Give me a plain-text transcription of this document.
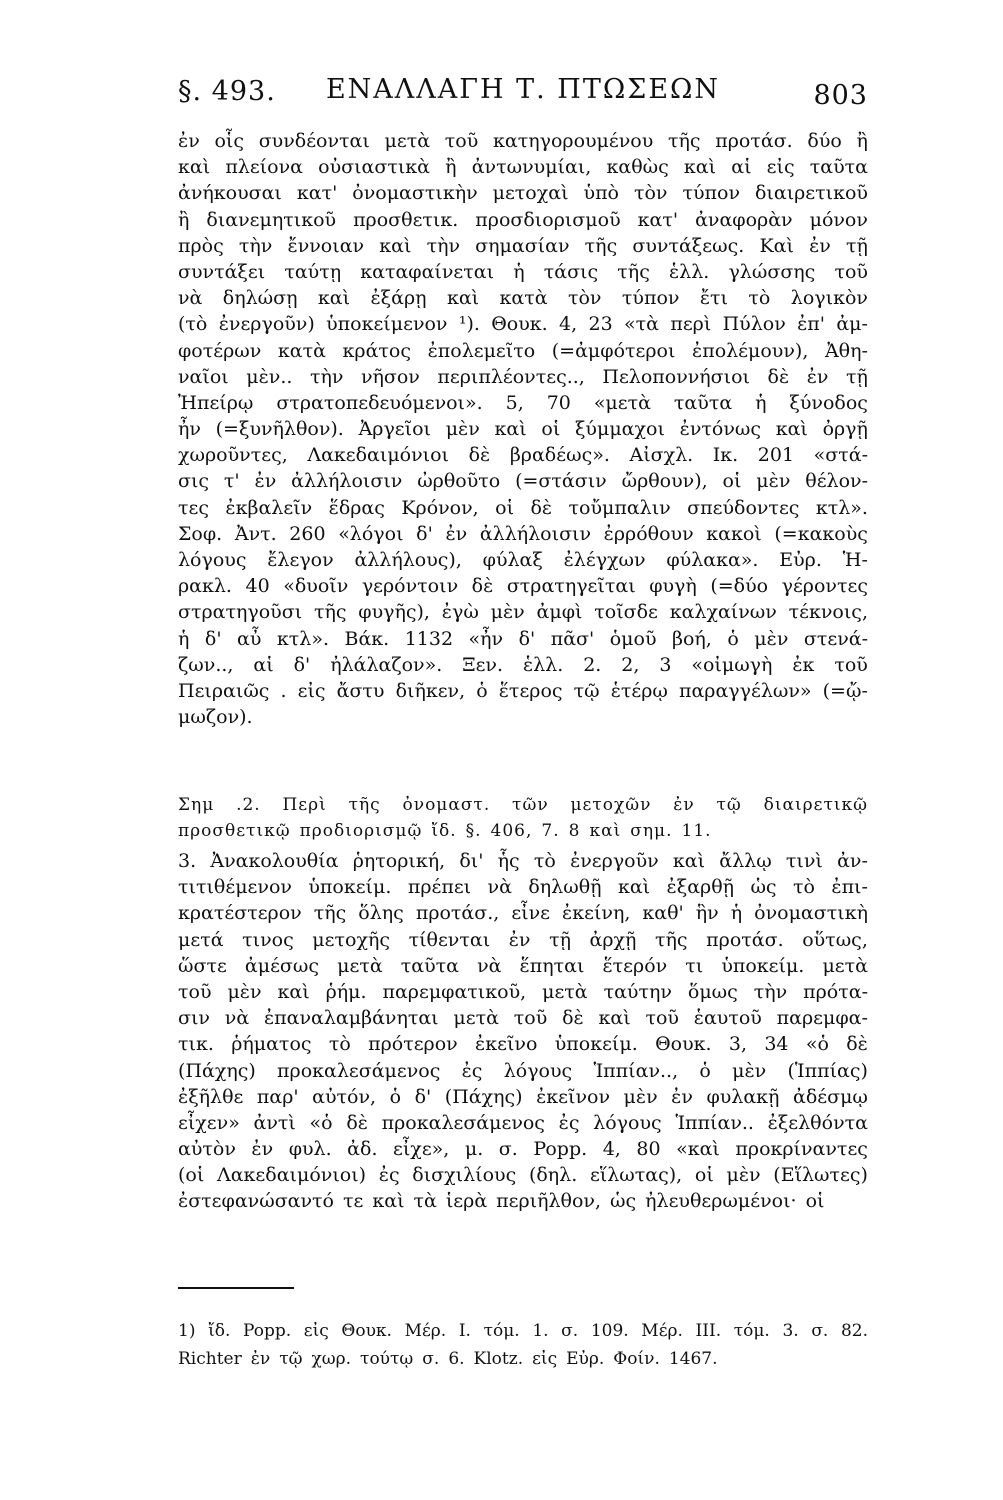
§. 493.	ΕΝΑΛΛΑΓΗ Τ. ΠΤΩΣΕΩΝ	803
ἐν οἷς συνδέονται μετὰ τοῦ κατηγορουμένου τῆς προτάσ. δύο ἢ
καὶ πλείονα οὐσιαστικὰ ἢ ἀντωνυμίαι, καθὼς καὶ αἱ εἰς ταῦτα
ἀνήκουσαι κατ' ὀνομαστικὴν μετοχαὶ ὑπὸ τὸν τύπον διαιρετικοῦ
ἢ διανεμητικοῦ προσθετικ. προσδιορισμοῦ κατ' ἀναφορὰν μόνον
πρὸς τὴν ἔννοιαν καὶ τὴν σημασίαν τῆς συντάξεως. Καὶ ἐν τῇ
συντάξει ταύτῃ καταφαίνεται ἡ τάσις τῆς ἑλλ. γλώσσης τοῦ
νὰ δηλώσῃ καὶ ἐξάρῃ καὶ κατὰ τὸν τύπον ἔτι τὸ λογικὸν
(τὸ ἐνεργοῦν) ὑποκείμενον ¹). Θουκ. 4, 23 «τὰ περὶ Πύλον ἐπ' ἀμ-
φοτέρων κατὰ κράτος ἐπολεμεῖτο (=ἀμφότεροι ἐπολέμουν), Ἀθη-
ναῖοι μὲν.. τὴν νῆσον περιπλέοντες.., Πελοποννήσιοι δὲ ἐν τῇ
Ἠπείρῳ στρατοπεδευόμενοι». 5, 70 «μετὰ ταῦτα ἡ ξύνοδος
ἦν (=ξυνῆλθον). Ἀργεῖοι μὲν καὶ οἱ ξύμμαχοι ἐντόνως καὶ ὀργῇ
χωροῦντες, Λακεδαιμόνιοι δὲ βραδέως». Αἰσχλ. Ικ. 201 «στά-
σις τ' ἐν ἀλλήλοισιν ὠρθοῦτο (=στάσιν ὤρθουν), οἱ μὲν θέλον-
τες ἐκβαλεῖν ἕδρας Κρόνον, οἱ δὲ τοὔμπαλιν σπεύδοντες κτλ».
Σοφ. Ἀντ. 260 «λόγοι δ' ἐν ἀλλήλοισιν ἐρρόθουν κακοὶ (=κακοὺς
λόγους ἔλεγον ἀλλήλους), φύλαξ ἐλέγχων φύλακα». Εὐρ. Ἡ-
ρακλ. 40 «δυοῖν γερόντοιν δὲ στρατηγεῖται φυγὴ (=δύο γέροντες
στρατηγοῦσι τῆς φυγῆς), ἐγὼ μὲν ἀμφὶ τοῖσδε καλχαίνων τέκνοις,
ἡ δ' αὖ κτλ». Βάκ. 1132 «ἦν δ' πᾶσ' ὁμοῦ βοή, ὁ μὲν στενά-
ζων.., αἱ δ' ἠλάλαζον». Ξεν. ἑλλ. 2. 2, 3 «οἰμωγὴ ἐκ τοῦ
Πειραιῶς . εἰς ἄστυ διῆκεν, ὁ ἕτερος τῷ ἑτέρῳ παραγγέλων» (=ᾤ-
μωζον).
Σημ .2. Περὶ τῆς ὀνομαστ. τῶν μετοχῶν ἐν τῷ διαιρετικῷ
προσθετικῷ προδιορισμῷ ἴδ. §. 406, 7. 8 καὶ σημ. 11.
3. Ἀνακολουθία ῥητορική, δι' ἧς τὸ ἐνεργοῦν καὶ ἄλλῳ τινὶ ἀν-
τιτιθέμενον ὑποκείμ. πρέπει νὰ δηλωθῇ καὶ ἐξαρθῇ ὡς τὸ ἐπι-
κρατέστερον τῆς ὅλης προτάσ., εἶνε ἐκείνη, καθ' ἣν ἡ ὀνομαστικὴ
μετά τινος μετοχῆς τίθενται ἐν τῇ ἀρχῇ τῆς προτάσ. οὕτως,
ὥστε ἀμέσως μετὰ ταῦτα νὰ ἕπηται ἕτερόν τι ὑποκείμ. μετὰ
τοῦ μὲν καὶ ῥήμ. παρεμφατικοῦ, μετὰ ταύτην ὅμως τὴν πρότα-
σιν νὰ ἐπαναλαμβάνηται μετὰ τοῦ δὲ καὶ τοῦ ἑαυτοῦ παρεμφα-
τικ. ῥήματος τὸ πρότερον ἐκεῖνο ὑποκείμ. Θουκ. 3, 34 «ὁ δὲ
(Πάχης) προκαλεσάμενος ἐς λόγους Ἱππίαν.., ὁ μὲν (Ἱππίας)
ἐξῆλθε παρ' αὐτόν, ὁ δ' (Πάχης) ἐκεῖνον μὲν ἐν φυλακῇ ἀδέσμῳ
εἶχεν» ἀντὶ «ὁ δὲ προκαλεσάμενος ἐς λόγους Ἱππίαν.. ἐξελθόντα
αὐτὸν ἐν φυλ. ἀδ. εἶχε», μ. σ. Popp. 4, 80 «καὶ προκρίναντες
(οἱ Λακεδαιμόνιοι) ἐς δισχιλίους (δηλ. εἵλωτας), οἱ μὲν (Εἵλωτες)
ἐστεφανώσαντό τε καὶ τὰ ἱερὰ περιῆλθον, ὡς ἠλευθερωμένοι· οἱ
1) ἴδ. Popp. εἰς Θουκ. Μέρ. I. τόμ. 1. σ. 109. Μέρ. III. τόμ. 3. σ. 82.
Richter ἐν τῷ χωρ. τούτῳ σ. 6. Klotz. εἰς Εὐρ. Φοίν. 1467.
